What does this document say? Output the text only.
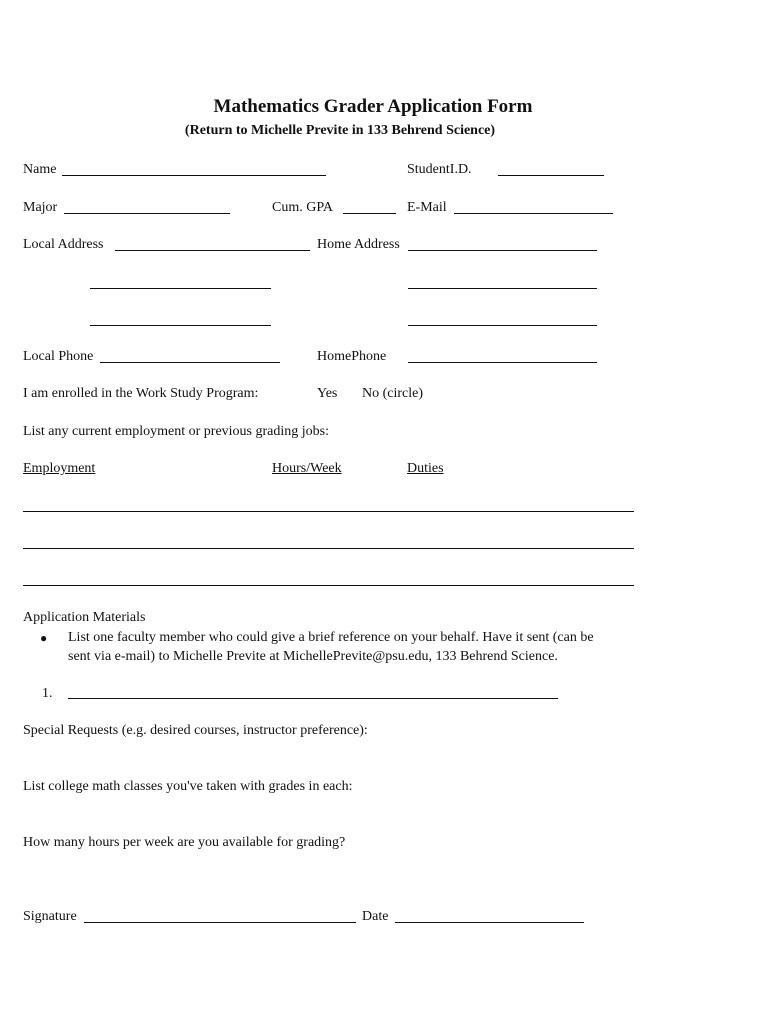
Mathematics Grader Application Form
(Return to Michelle Previte in 133 Behrend Science)
Name	StudentI.D.
Major	Cum. GPA	E-Mail
Local Address	Home Address
Local Phone	HomePhone
I am enrolled in the Work Study Program:	Yes No (circle)
List any current employment or previous grading jobs:
Employment	Hours/Week	Duties
Application Materials
● List one faculty member who could give a brief reference on your behalf. Have it sent (can be
sent via e-mail) to Michelle Previte at MichellePrevite@psu.edu, 133 Behrend Science.
1.
Special Requests (e.g. desired courses, instructor preference):
List college math classes you've taken with grades in each:
How many hours per week are you available for grading?
Signature	Date
